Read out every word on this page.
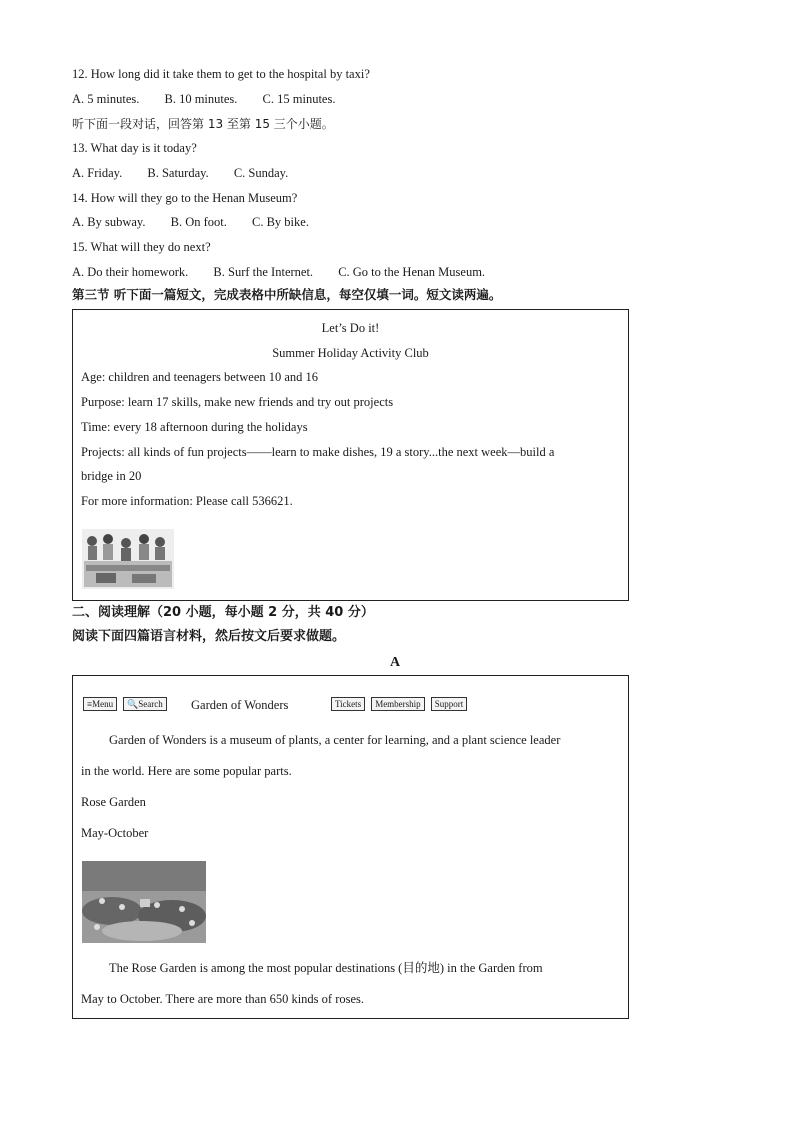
12. How long did it take them to get to the hospital by taxi?
A. 5 minutes. B. 10 minutes. C. 15 minutes.
听下面一段对话，回答第 13 至第 15 三个小题。
13. What day is it today?
A. Friday. B. Saturday. C. Sunday.
14. How will they go to the Henan Museum?
A. By subway. B. On foot. C. By bike.
15. What will they do next?
A. Do their homework. B. Surf the Internet. C. Go to the Henan Museum.
第三节 听下面一篇短文，完成表格中所缺信息，每空仅填一词。短文读两遍。
Let’s Do it!
Summer Holiday Activity Club
Age: children and teenagers between 10 and 16
Purpose: learn 17 skills, make new friends and try out projects
Time: every 18 afternoon during the holidays
Projects: all kinds of fun projects——learn to make dishes, 19 a story...the next week—build a
bridge in 20
For more information: Please call 536621.
二、阅读理解（20 小题，每小题 2 分，共 40 分）
阅读下面四篇语言材料，然后按文后要求做题。
A
≡Menu 🔍Search	Garden of Wonders	Tickets Membership Support
Garden of Wonders is a museum of plants, a center for learning, and a plant science leader
in the world. Here are some popular parts.
Rose Garden
May-October
The Rose Garden is among the most popular destinations (目的地) in the Garden from
May to October. There are more than 650 kinds of roses.
